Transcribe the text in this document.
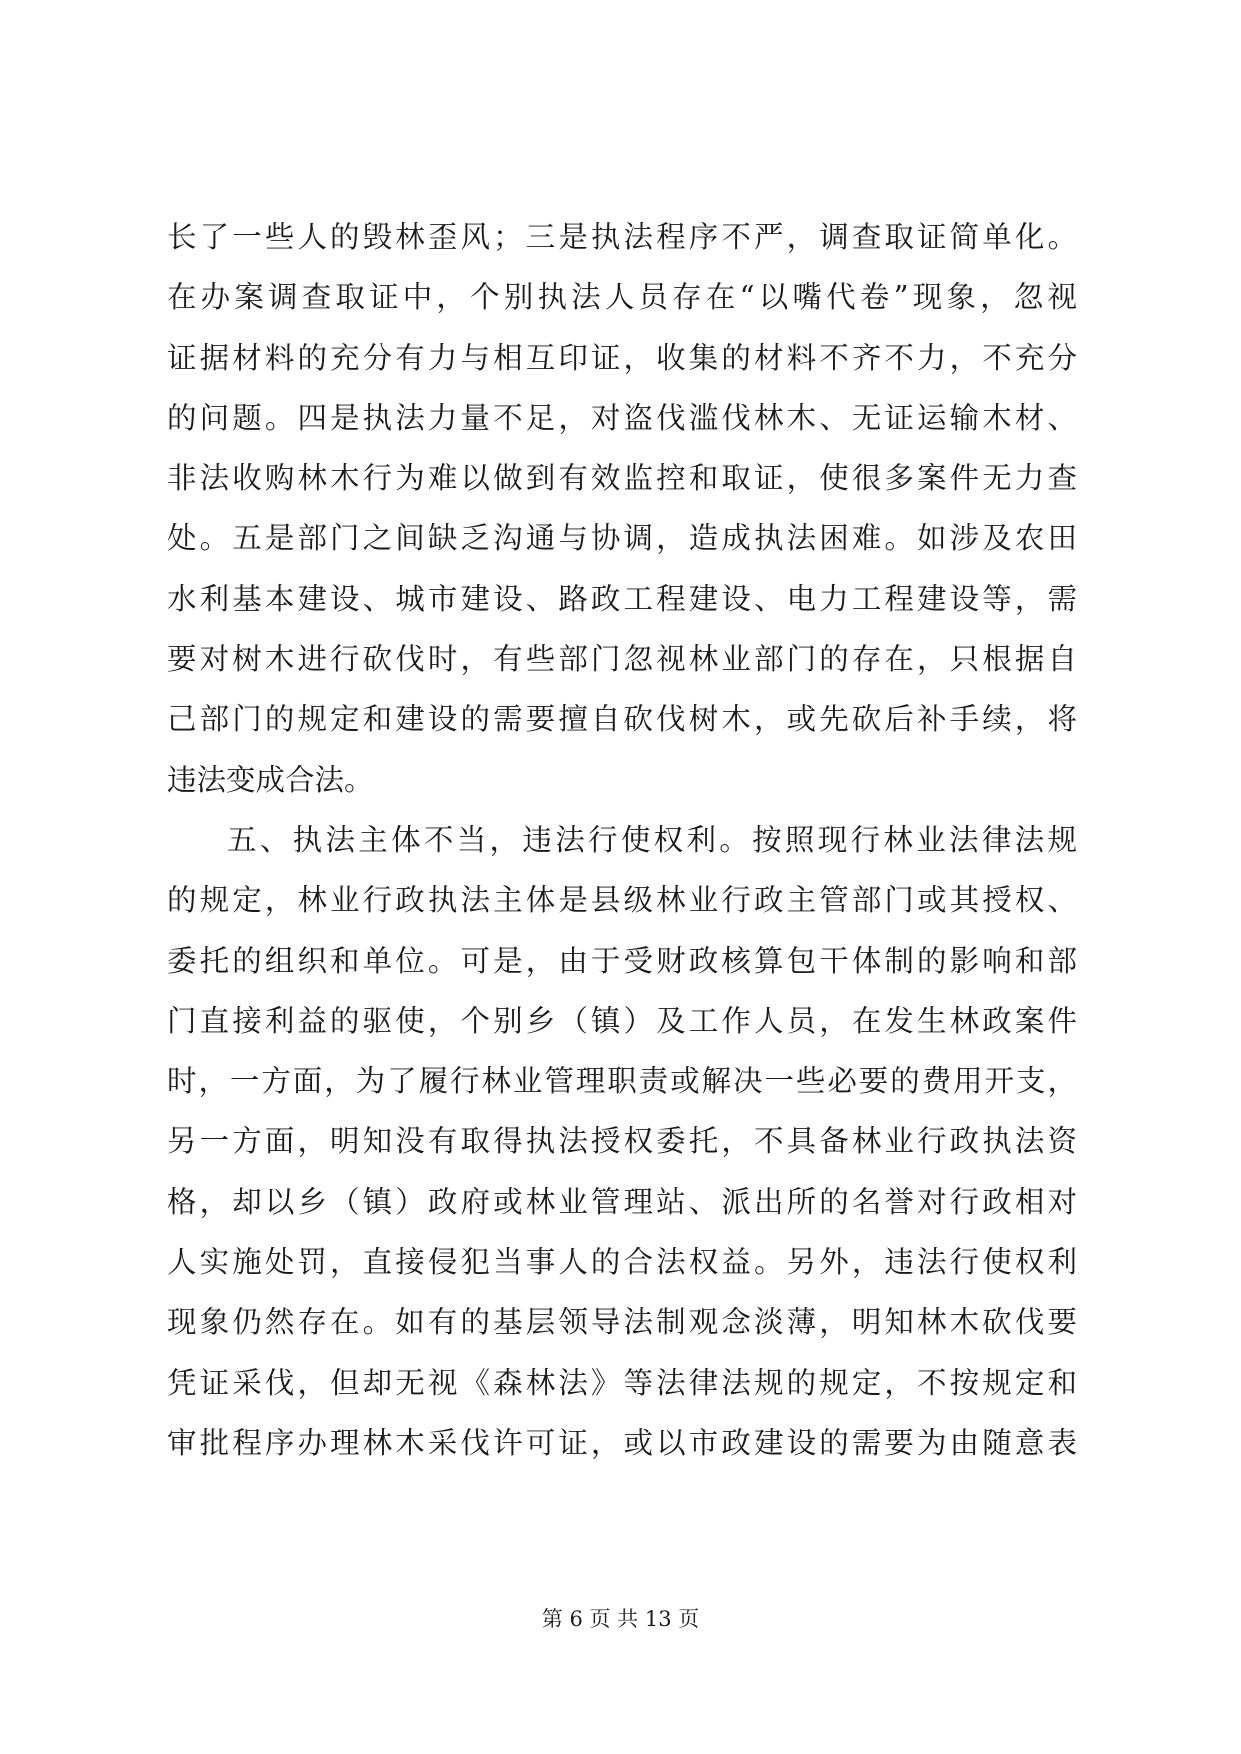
长了一些人的毁林歪风；三是执法程序不严，调查取证简单化。
在办案调查取证中，个别执法人员存在“以嘴代卷”现象，忽视
证据材料的充分有力与相互印证，收集的材料不齐不力，不充分
的问题。四是执法力量不足，对盗伐滥伐林木、无证运输木材、
非法收购林木行为难以做到有效监控和取证，使很多案件无力查
处。五是部门之间缺乏沟通与协调，造成执法困难。如涉及农田
水利基本建设、城市建设、路政工程建设、电力工程建设等，需
要对树木进行砍伐时，有些部门忽视林业部门的存在，只根据自
己部门的规定和建设的需要擅自砍伐树木，或先砍后补手续，将
违法变成合法。
五、执法主体不当，违法行使权利。按照现行林业法律法规
的规定，林业行政执法主体是县级林业行政主管部门或其授权、
委托的组织和单位。可是，由于受财政核算包干体制的影响和部
门直接利益的驱使，个别乡（镇）及工作人员，在发生林政案件
时，一方面，为了履行林业管理职责或解决一些必要的费用开支，
另一方面，明知没有取得执法授权委托，不具备林业行政执法资
格，却以乡（镇）政府或林业管理站、派出所的名誉对行政相对
人实施处罚，直接侵犯当事人的合法权益。另外，违法行使权利
现象仍然存在。如有的基层领导法制观念淡薄，明知林木砍伐要
凭证采伐，但却无视《森林法》等法律法规的规定，不按规定和
审批程序办理林木采伐许可证，或以市政建设的需要为由随意表
第 6 页 共 13 页
